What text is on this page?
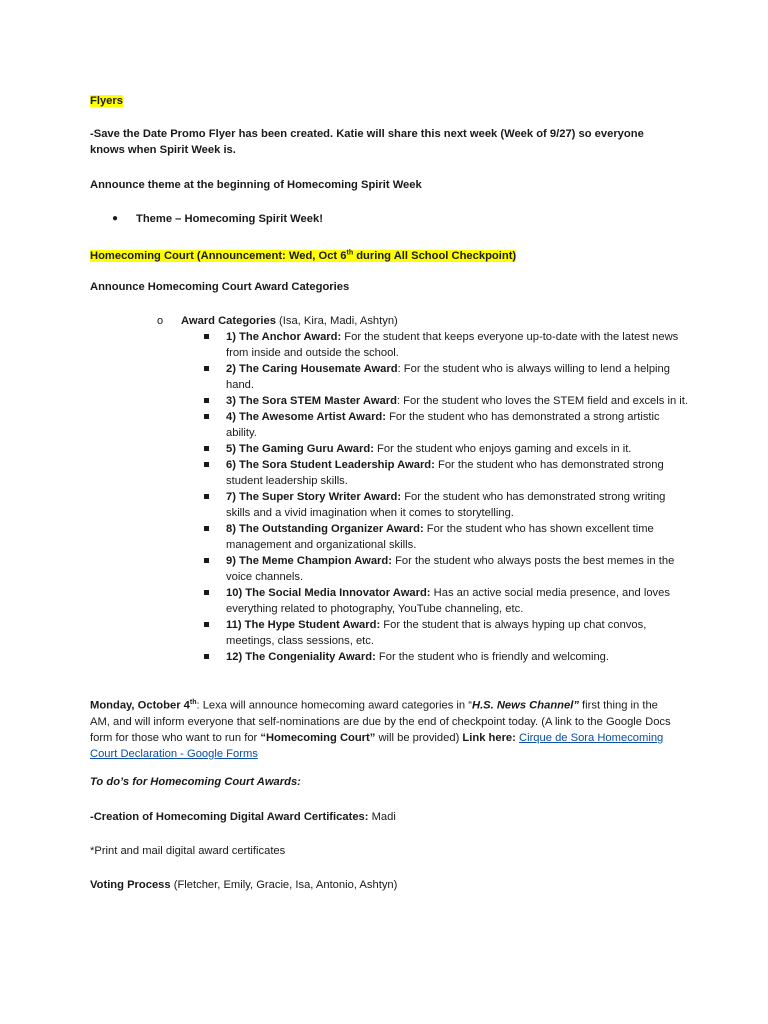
Flyers
-Save the Date Promo Flyer has been created. Katie will share this next week (Week of 9/27) so everyone knows when Spirit Week is.
Announce theme at the beginning of Homecoming Spirit Week
● Theme – Homecoming Spirit Week!
Homecoming Court (Announcement: Wed, Oct 6th during All School Checkpoint)
Announce Homecoming Court Award Categories
o Award Categories (Isa, Kira, Madi, Ashtyn)
1) The Anchor Award: For the student that keeps everyone up-to-date with the latest news from inside and outside the school.
2) The Caring Housemate Award: For the student who is always willing to lend a helping hand.
3) The Sora STEM Master Award: For the student who loves the STEM field and excels in it.
4) The Awesome Artist Award: For the student who has demonstrated a strong artistic ability.
5) The Gaming Guru Award: For the student who enjoys gaming and excels in it.
6) The Sora Student Leadership Award: For the student who has demonstrated strong student leadership skills.
7) The Super Story Writer Award: For the student who has demonstrated strong writing skills and a vivid imagination when it comes to storytelling.
8) The Outstanding Organizer Award: For the student who has shown excellent time management and organizational skills.
9) The Meme Champion Award: For the student who always posts the best memes in the voice channels.
10) The Social Media Innovator Award: Has an active social media presence, and loves everything related to photography, YouTube channeling, etc.
11) The Hype Student Award: For the student that is always hyping up chat convos, meetings, class sessions, etc.
12) The Congeniality Award: For the student who is friendly and welcoming.
Monday, October 4th: Lexa will announce homecoming award categories in “H.S. News Channel” first thing in the AM, and will inform everyone that self-nominations are due by the end of checkpoint today. (A link to the Google Docs form for those who want to run for “Homecoming Court” will be provided) Link here: Cirque de Sora Homecoming Court Declaration - Google Forms
To do’s for Homecoming Court Awards:
-Creation of Homecoming Digital Award Certificates: Madi
*Print and mail digital award certificates
Voting Process (Fletcher, Emily, Gracie, Isa, Antonio, Ashtyn)
